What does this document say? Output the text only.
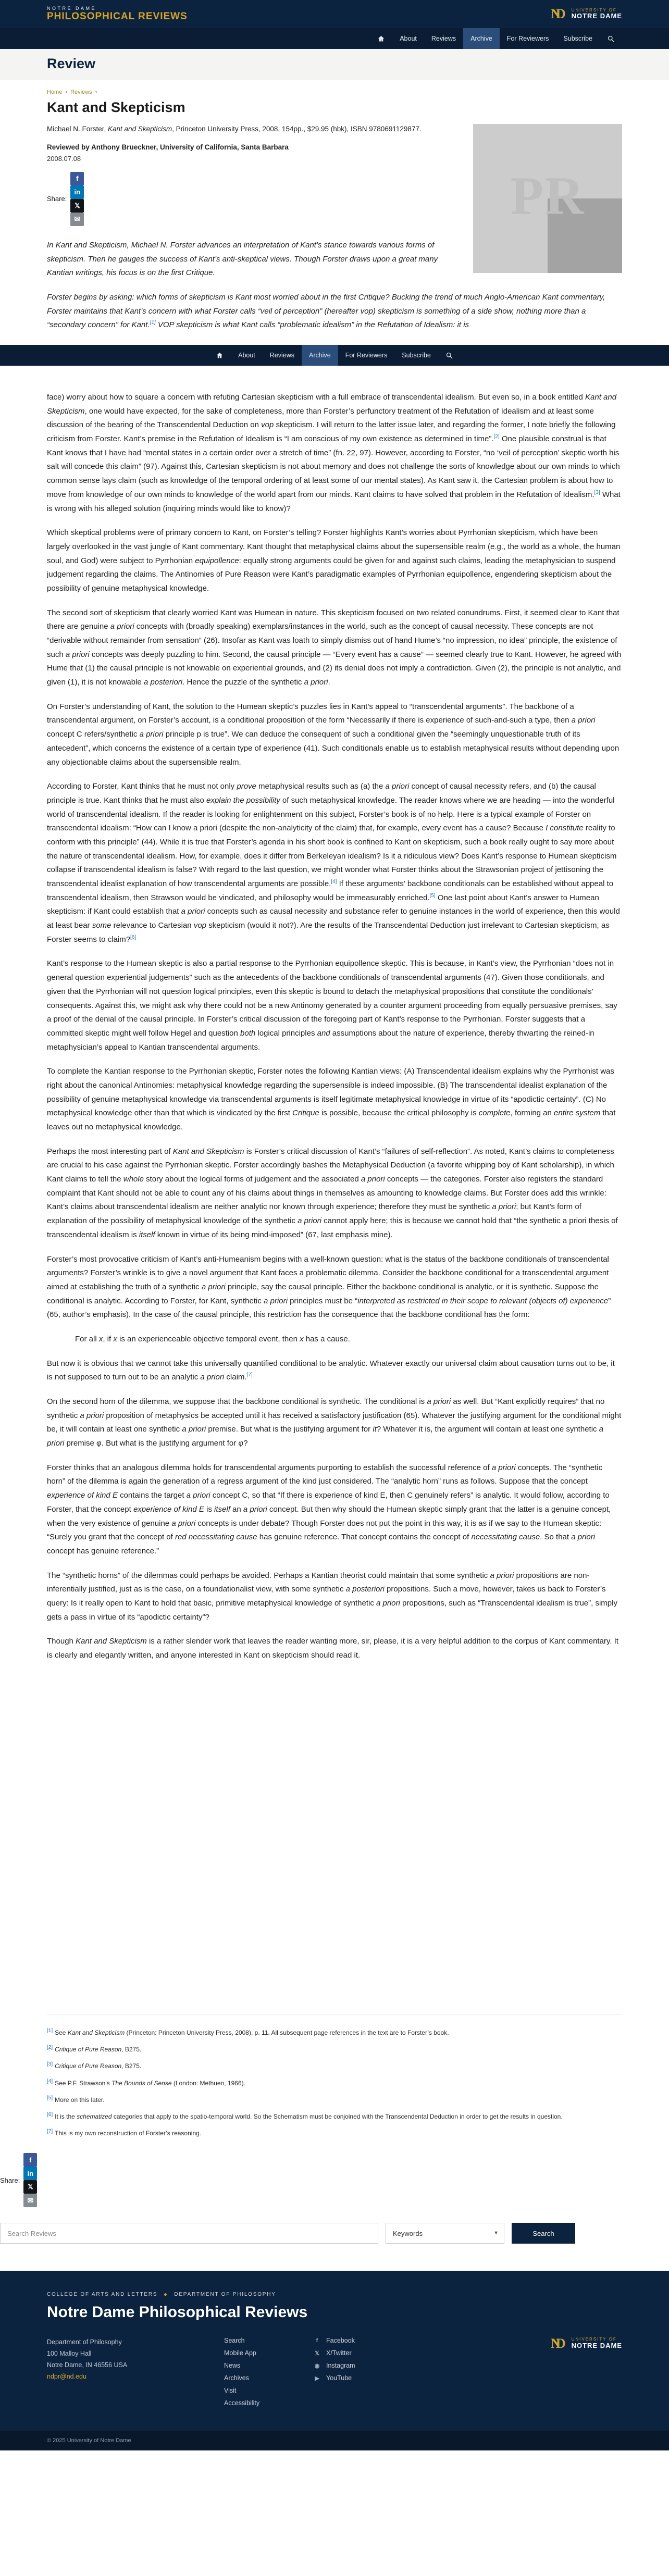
NOTRE DAME
PHILOSOPHICAL REVIEWS	ND	UNIVERSITY OF
NOTRE DAME
About	Reviews	Archive	For Reviewers	Subscribe
Review
Home › Reviews ›
Kant and Skepticism
PR

Michael N. Forster, Kant and Skepticism, Princeton University Press, 2008, 154pp., $29.95 (hbk), ISBN 9780691129877.

Reviewed by Anthony Brueckner, University of California, Santa Barbara

2008.07.08

Share:
f
in
𝕏
✉

In Kant and Skepticism, Michael N. Forster advances an interpretation of Kant’s stance towards various forms of skepticism. Then he gauges the success of Kant’s anti-skeptical views. Though Forster draws upon a great many Kantian writings, his focus is on the first Critique.

Forster begins by asking: which forms of skepticism is Kant most worried about in the first Critique? Bucking the trend of much Anglo-American Kant commentary, Forster maintains that Kant’s concern with what Forster calls “veil of perception” (hereafter vop) skepticism is something of a side show, nothing more than a “secondary concern” for Kant.[1] VOP skepticism is what Kant calls “problematic idealism” in the Refutation of Idealism: it is

About	Reviews	Archive	For Reviewers	Subscribe

face) worry about how to square a concern with refuting Cartesian skepticism with a full embrace of transcendental idealism. But even so, in a book entitled Kant and Skepticism, one would have expected, for the sake of completeness, more than Forster’s perfunctory treatment of the Refutation of Idealism and at least some discussion of the bearing of the Transcendental Deduction on vop skepticism. I will return to the latter issue later, and regarding the former, I note briefly the following criticism from Forster. Kant’s premise in the Refutation of Idealism is “I am conscious of my own existence as determined in time”.[2] One plausible construal is that Kant knows that I have had “mental states in a certain order over a stretch of time” (fn. 22, 97). However, according to Forster, “no ‘veil of perception’ skeptic worth his salt will concede this claim” (97). Against this, Cartesian skepticism is not about memory and does not challenge the sorts of knowledge about our own minds to which common sense lays claim (such as knowledge of the temporal ordering of at least some of our mental states). As Kant saw it, the Cartesian problem is about how to move from knowledge of our own minds to knowledge of the world apart from our minds. Kant claims to have solved that problem in the Refutation of Idealism.[3] What is wrong with his alleged solution (inquiring minds would like to know)?

Which skeptical problems were of primary concern to Kant, on Forster’s telling? Forster highlights Kant’s worries about Pyrrhonian skepticism, which have been largely overlooked in the vast jungle of Kant commentary. Kant thought that metaphysical claims about the supersensible realm (e.g., the world as a whole, the human soul, and God) were subject to Pyrrhonian equipollence: equally strong arguments could be given for and against such claims, leading the metaphysician to suspend judgement regarding the claims. The Antinomies of Pure Reason were Kant’s paradigmatic examples of Pyrrhonian equipollence, engendering skepticism about the possibility of genuine metaphysical knowledge.

The second sort of skepticism that clearly worried Kant was Humean in nature. This skepticism focused on two related conundrums. First, it seemed clear to Kant that there are genuine a priori concepts with (broadly speaking) exemplars/instances in the world, such as the concept of causal necessity. These concepts are not “derivable without remainder from sensation” (26). Insofar as Kant was loath to simply dismiss out of hand Hume’s “no impression, no idea” principle, the existence of such a priori concepts was deeply puzzling to him. Second, the causal principle — “Every event has a cause” — seemed clearly true to Kant. However, he agreed with Hume that (1) the causal principle is not knowable on experiential grounds, and (2) its denial does not imply a contradiction. Given (2), the principle is not analytic, and given (1), it is not knowable a posteriori. Hence the puzzle of the synthetic a priori.

On Forster’s understanding of Kant, the solution to the Humean skeptic’s puzzles lies in Kant’s appeal to “transcendental arguments”. The backbone of a transcendental argument, on Forster’s account, is a conditional proposition of the form “Necessarily if there is experience of such-and-such a type, then a priori concept C refers/synthetic a priori principle p is true”. We can deduce the consequent of such a conditional given the “seemingly unquestionable truth of its antecedent”, which concerns the existence of a certain type of experience (41). Such conditionals enable us to establish metaphysical results without depending upon any objectionable claims about the supersensible realm.

According to Forster, Kant thinks that he must not only prove metaphysical results such as (a) the a priori concept of causal necessity refers, and (b) the causal principle is true. Kant thinks that he must also explain the possibility of such metaphysical knowledge. The reader knows where we are heading — into the wonderful world of transcendental idealism. If the reader is looking for enlightenment on this subject, Forster’s book is of no help. Here is a typical example of Forster on transcendental idealism: “How can I know a priori (despite the non-analyticity of the claim) that, for example, every event has a cause? Because I constitute reality to conform with this principle” (44). While it is true that Forster’s agenda in his short book is confined to Kant on skepticism, such a book really ought to say more about the nature of transcendental idealism. How, for example, does it differ from Berkeleyan idealism? Is it a ridiculous view? Does Kant’s response to Humean skepticism collapse if transcendental idealism is false? With regard to the last question, we might wonder what Forster thinks about the Strawsonian project of jettisoning the transcendental idealist explanation of how transcendental arguments are possible.[4] If these arguments’ backbone conditionals can be established without appeal to transcendental idealism, then Strawson would be vindicated, and philosophy would be immeasurably enriched.[5] One last point about Kant’s answer to Humean skepticism: if Kant could establish that a priori concepts such as causal necessity and substance refer to genuine instances in the world of experience, then this would at least bear some relevance to Cartesian vop skepticism (would it not?). Are the results of the Transcendental Deduction just irrelevant to Cartesian skepticism, as Forster seems to claim?[6]

Kant’s response to the Humean skeptic is also a partial response to the Pyrrhonian equipollence skeptic. This is because, in Kant’s view, the Pyrrhonian “does not in general question experiential judgements” such as the antecedents of the backbone conditionals of transcendental arguments (47). Given those conditionals, and given that the Pyrrhonian will not question logical principles, even this skeptic is bound to detach the metaphysical propositions that constitute the conditionals’ consequents. Against this, we might ask why there could not be a new Antinomy generated by a counter argument proceeding from equally persuasive premises, say a proof of the denial of the causal principle. In Forster’s critical discussion of the foregoing part of Kant’s response to the Pyrrhonian, Forster suggests that a committed skeptic might well follow Hegel and question both logical principles and assumptions about the nature of experience, thereby thwarting the reined-in metaphysician’s appeal to Kantian transcendental arguments.

To complete the Kantian response to the Pyrrhonian skeptic, Forster notes the following Kantian views: (A) Transcendental idealism explains why the Pyrrhonist was right about the canonical Antinomies: metaphysical knowledge regarding the supersensible is indeed impossible. (B) The transcendental idealist explanation of the possibility of genuine metaphysical knowledge via transcendental arguments is itself legitimate metaphysical knowledge in virtue of its “apodictic certainty”. (C) No metaphysical knowledge other than that which is vindicated by the first Critique is possible, because the critical philosophy is complete, forming an entire system that leaves out no metaphysical knowledge.

Perhaps the most interesting part of Kant and Skepticism is Forster’s critical discussion of Kant’s “failures of self-reflection”. As noted, Kant’s claims to completeness are crucial to his case against the Pyrrhonian skeptic. Forster accordingly bashes the Metaphysical Deduction (a favorite whipping boy of Kant scholarship), in which Kant claims to tell the whole story about the logical forms of judgement and the associated a priori concepts — the categories. Forster also registers the standard complaint that Kant should not be able to count any of his claims about things in themselves as amounting to knowledge claims. But Forster does add this wrinkle: Kant’s claims about transcendental idealism are neither analytic nor known through experience; therefore they must be synthetic a priori; but Kant’s form of explanation of the possibility of metaphysical knowledge of the synthetic a priori cannot apply here; this is because we cannot hold that “the synthetic a priori thesis of transcendental idealism is itself known in virtue of its being mind-imposed” (67, last emphasis mine).

Forster’s most provocative criticism of Kant’s anti-Humeanism begins with a well-known question: what is the status of the backbone conditionals of transcendental arguments? Forster’s wrinkle is to give a novel argument that Kant faces a problematic dilemma. Consider the backbone conditional for a transcendental argument aimed at establishing the truth of a synthetic a priori principle, say the causal principle. Either the backbone conditional is analytic, or it is synthetic. Suppose the conditional is analytic. According to Forster, for Kant, synthetic a priori principles must be “interpreted as restricted in their scope to relevant (objects of) experience” (65, author’s emphasis). In the case of the causal principle, this restriction has the consequence that the backbone conditional has the form:

For all x, if x is an experienceable objective temporal event, then x has a cause.

But now it is obvious that we cannot take this universally quantified conditional to be analytic. Whatever exactly our universal claim about causation turns out to be, it is not supposed to turn out to be an analytic a priori claim.[7]

On the second horn of the dilemma, we suppose that the backbone conditional is synthetic. The conditional is a priori as well. But “Kant explicitly requires” that no synthetic a priori proposition of metaphysics be accepted until it has received a satisfactory justification (65). Whatever the justifying argument for the conditional might be, it will contain at least one synthetic a priori premise. But what is the justifying argument for it? Whatever it is, the argument will contain at least one synthetic a priori premise φ. But what is the justifying argument for φ?

Forster thinks that an analogous dilemma holds for transcendental arguments purporting to establish the successful reference of a priori concepts. The “synthetic horn” of the dilemma is again the generation of a regress argument of the kind just considered. The “analytic horn” runs as follows. Suppose that the concept experience of kind E contains the target a priori concept C, so that “If there is experience of kind E, then C genuinely refers” is analytic. It would follow, according to Forster, that the concept experience of kind E is itself an a priori concept. But then why should the Humean skeptic simply grant that the latter is a genuine concept, when the very existence of genuine a priori concepts is under debate? Though Forster does not put the point in this way, it is as if we say to the Humean skeptic: “Surely you grant that the concept of red necessitating cause has genuine reference. That concept contains the concept of necessitating cause. So that a priori concept has genuine reference.”

The “synthetic horns” of the dilemmas could perhaps be avoided. Perhaps a Kantian theorist could maintain that some synthetic a priori propositions are non-inferentially justified, just as is the case, on a foundationalist view, with some synthetic a posteriori propositions. Such a move, however, takes us back to Forster’s query: Is it really open to Kant to hold that basic, primitive metaphysical knowledge of synthetic a priori propositions, such as “Transcendental idealism is true”, simply gets a pass in virtue of its “apodictic certainty”?

Though Kant and Skepticism is a rather slender work that leaves the reader wanting more, sir, please, it is a very helpful addition to the corpus of Kant commentary. It is clearly and elegantly written, and anyone interested in Kant on skepticism should read it.

[1] See Kant and Skepticism (Princeton: Princeton University Press, 2008), p. 11. All subsequent page references in the text are to Forster’s book.

[2] Critique of Pure Reason, B275.

[3] Critique of Pure Reason, B275.

[4] See P.F. Strawson’s The Bounds of Sense (London: Methuen, 1966).

[5] More on this later.

[6] It is the schematized categories that apply to the spatio-temporal world. So the Schematism must be conjoined with the Transcendental Deduction in order to get the results in question.

[7] This is my own reconstruction of Forster’s reasoning.

Share:
f
in
𝕏
✉
Search Reviews
Keywords
▼	Search
COLLEGE OF ARTS AND LETTERS ◆ DEPARTMENT OF PHILOSOPHY
Notre Dame Philosophical Reviews
Department of Philosophy
100 Malloy Hall
Notre Dame, IN 46556 USA
ndpr@nd.edu
Search
Mobile App
News
Archives
Visit
Accessibility
f	Facebook
𝕏	X/Twitter
◉ Instagram
▶	YouTube
ND	UNIVERSITY OF
NOTRE DAME
© 2025 University of Notre Dame
